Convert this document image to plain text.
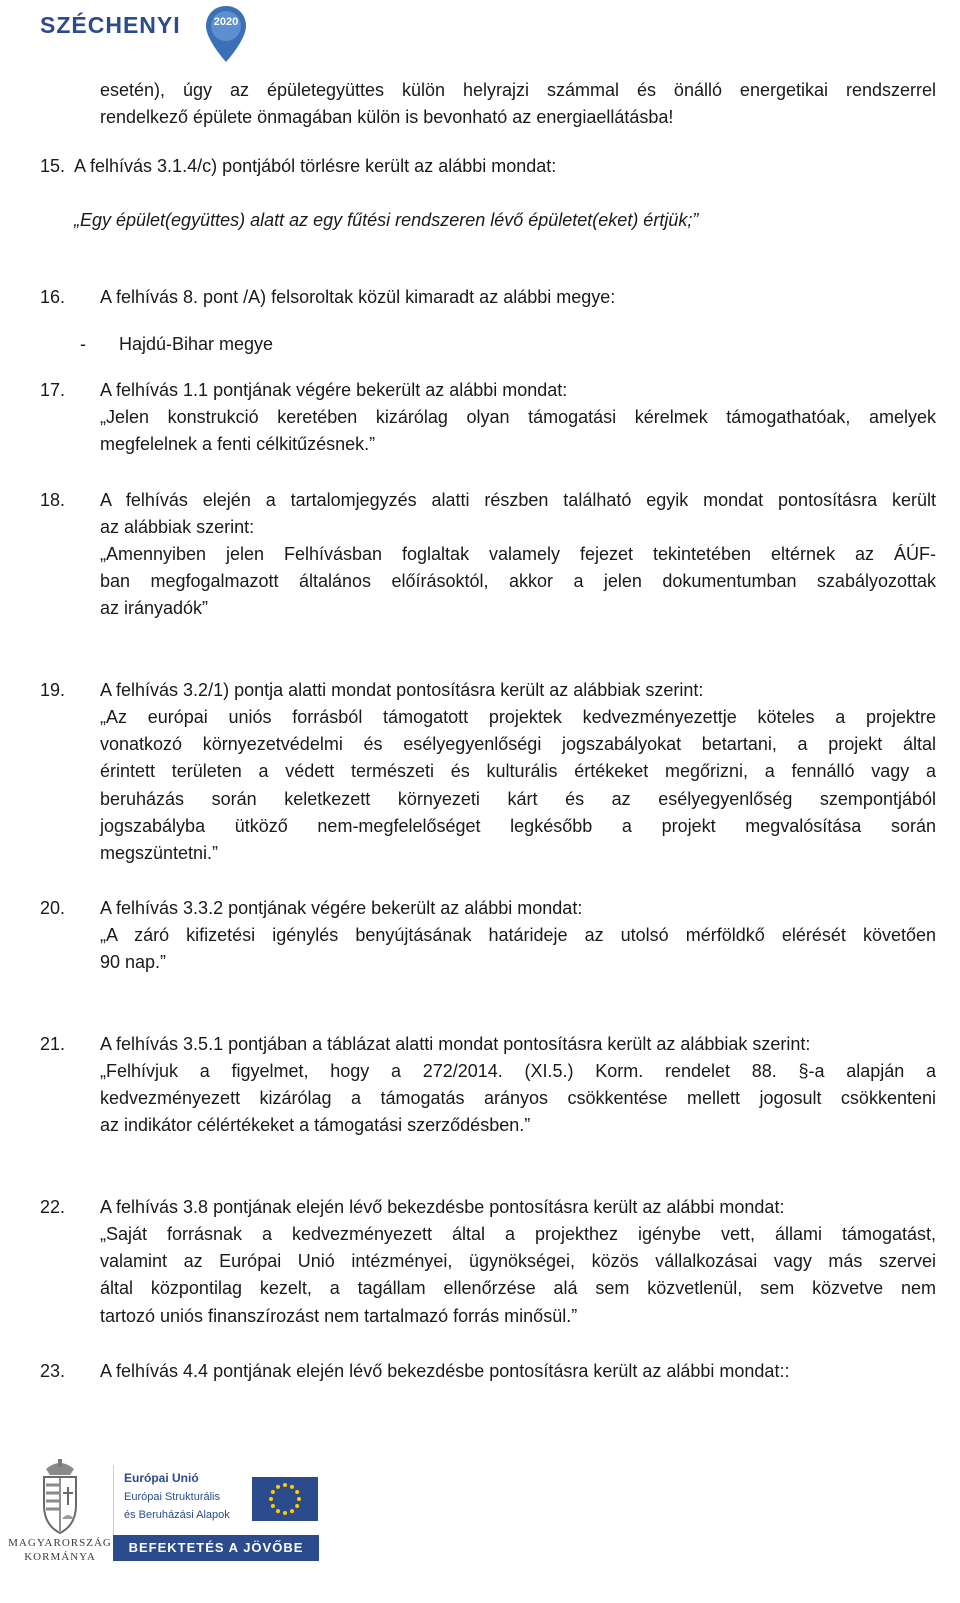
SZÉCHENYI	2020
esetén), úgy az épületegyüttes külön helyrajzi számmal és önálló energetikai rendszerrel
rendelkező épülete önmagában külön is bevonható az energiaellátásba!
15. A felhívás 3.1.4/c) pontjából törlésre került az alábbi mondat:
„Egy épület(együttes) alatt az egy fűtési rendszeren lévő épületet(eket) értjük;”
16. A felhívás 8. pont /A) felsoroltak közül kimaradt az alábbi megye:
- Hajdú-Bihar megye
17. A felhívás 1.1 pontjának végére bekerült az alábbi mondat:
„Jelen konstrukció keretében kizárólag olyan támogatási kérelmek támogathatóak, amelyek
megfelelnek a fenti célkitűzésnek.”
18. A felhívás elején a tartalomjegyzés alatti részben található egyik mondat pontosításra került
az alábbiak szerint:
„Amennyiben jelen Felhívásban foglaltak valamely fejezet tekintetében eltérnek az ÁÚF-
ban megfogalmazott általános előírásoktól, akkor a jelen dokumentumban szabályozottak
az irányadók”
19. A felhívás 3.2/1) pontja alatti mondat pontosításra került az alábbiak szerint:
„Az európai uniós forrásból támogatott projektek kedvezményezettje köteles a projektre
vonatkozó környezetvédelmi és esélyegyenlőségi jogszabályokat betartani, a projekt által
érintett területen a védett természeti és kulturális értékeket megőrizni, a fennálló vagy a
beruházás során keletkezett környezeti kárt és az esélyegyenlőség szempontjából
jogszabályba ütköző nem-megfelelőséget legkésőbb a projekt megvalósítása során
megszüntetni.”
20. A felhívás 3.3.2 pontjának végére bekerült az alábbi mondat:
„A záró kifizetési igénylés benyújtásának határideje az utolsó mérföldkő elérését követően
90 nap.”
21. A felhívás 3.5.1 pontjában a táblázat alatti mondat pontosításra került az alábbiak szerint:
„Felhívjuk a figyelmet, hogy a 272/2014. (XI.5.) Korm. rendelet 88. §-a alapján a
kedvezményezett kizárólag a támogatás arányos csökkentése mellett jogosult csökkenteni
az indikátor célértékeket a támogatási szerződésben.”
22. A felhívás 3.8 pontjának elején lévő bekezdésbe pontosításra került az alábbi mondat:
„Saját forrásnak a kedvezményezett által a projekthez igénybe vett, állami támogatást,
valamint az Európai Unió intézményei, ügynökségei, közös vállalkozásai vagy más szervei
által központilag kezelt, a tagállam ellenőrzése alá sem közvetlenül, sem közvetve nem
tartozó uniós finanszírozást nem tartalmazó forrás minősül.”
23. A felhívás 4.4 pontjának elején lévő bekezdésbe pontosításra került az alábbi mondat::
MAGYARORSZÁG
KORMÁNYA
Európai Unió
Európai Strukturális
és Beruházási Alapok
BEFEKTETÉS A JÖVŐBE
